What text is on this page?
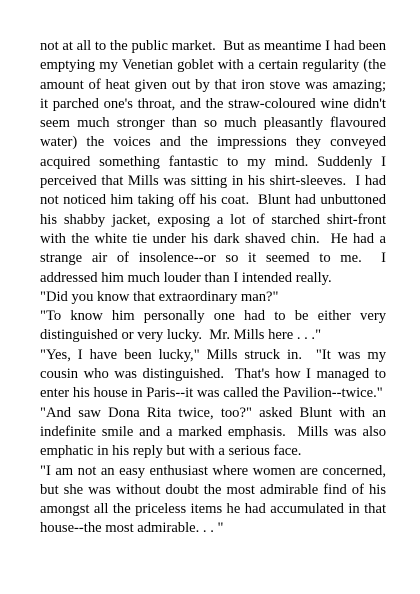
not at all to the public market.  But as meantime I had been emptying my Venetian goblet with a certain regularity (the amount of heat given out by that iron stove was amazing; it parched one's throat, and the straw-coloured wine didn't seem much stronger than so much pleasantly flavoured water) the voices and the impressions they conveyed acquired something fantastic to my mind. Suddenly I perceived that Mills was sitting in his shirt-sleeves.  I had not noticed him taking off his coat.  Blunt had unbuttoned his shabby jacket, exposing a lot of starched shirt-front with the white tie under his dark shaved chin.  He had a strange air of insolence--or so it seemed to me.  I addressed him much louder than I intended really.

"Did you know that extraordinary man?"

"To know him personally one had to be either very distinguished or very lucky.  Mr. Mills here . . ."

"Yes, I have been lucky," Mills struck in.  "It was my cousin who was distinguished.  That's how I managed to enter his house in Paris--it was called the Pavilion--twice."

"And saw Dona Rita twice, too?" asked Blunt with an indefinite smile and a marked emphasis.  Mills was also emphatic in his reply but with a serious face.

"I am not an easy enthusiast where women are concerned, but she was without doubt the most admirable find of his amongst all the priceless items he had accumulated in that house--the most admirable. . . "
